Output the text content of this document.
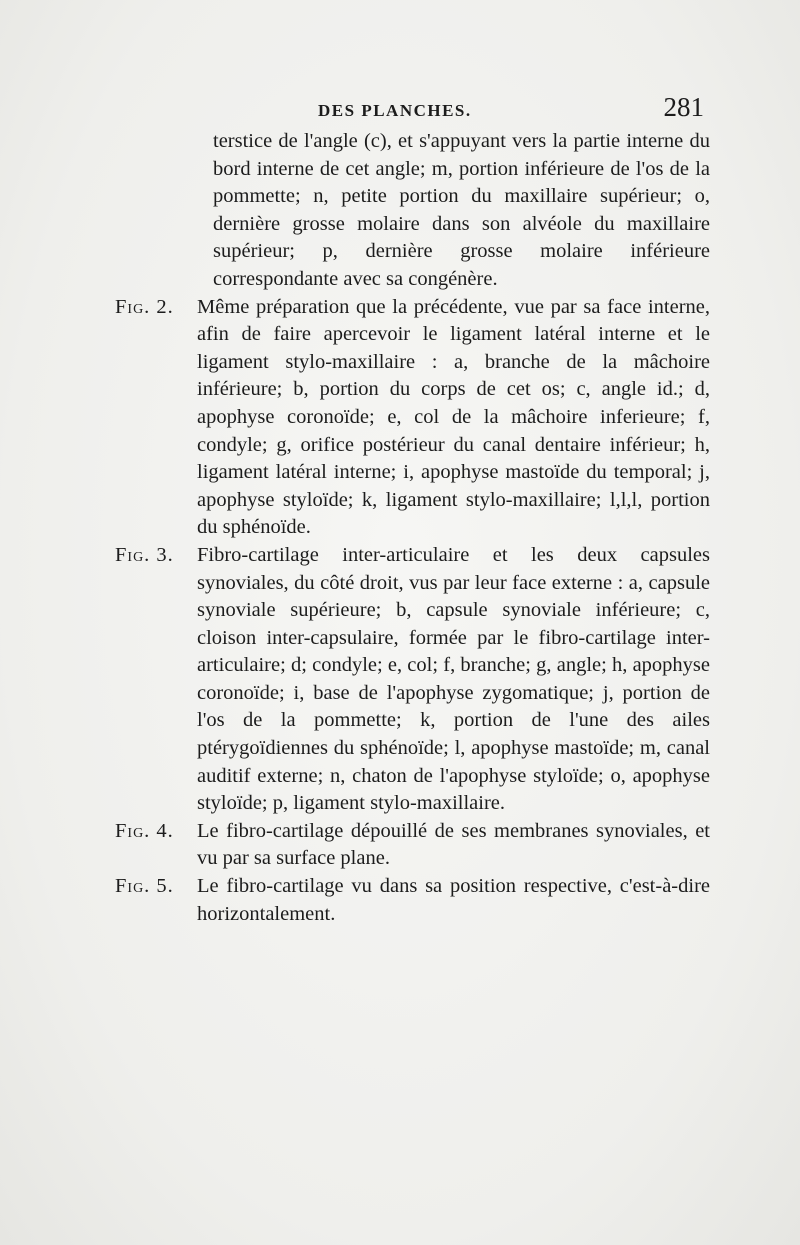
DES PLANCHES.	281

terstice de l'angle (c), et s'appuyant vers la partie interne du bord interne de cet angle; m, portion inférieure de l'os de la pommette; n, petite portion du maxillaire supérieur; o, dernière grosse molaire dans son alvéole du maxillaire supérieur; p, dernière grosse molaire inférieure correspondante avec sa congénère.

Fig. 2.	Même préparation que la précédente, vue par sa face interne, afin de faire apercevoir le ligament latéral interne et le ligament stylo-maxillaire : a, branche de la mâchoire inférieure; b, portion du corps de cet os; c, angle id.; d, apophyse coronoïde; e, col de la mâchoire inferieure; f, condyle; g, orifice postérieur du canal dentaire inférieur; h, ligament latéral interne; i, apophyse mastoïde du temporal; j, apophyse styloïde; k, ligament stylo-maxillaire; l,l,l, portion du sphénoïde.

Fig. 3.	Fibro-cartilage inter-articulaire et les deux capsules synoviales, du côté droit, vus par leur face externe : a, capsule synoviale supérieure; b, capsule synoviale inférieure; c, cloison inter-capsulaire, formée par le fibro-cartilage inter-articulaire; d; condyle; e, col; f, branche; g, angle; h, apophyse coronoïde; i, base de l'apophyse zygomatique; j, portion de l'os de la pommette; k, portion de l'une des ailes ptérygoïdiennes du sphénoïde; l, apophyse mastoïde; m, canal auditif externe; n, chaton de l'apophyse styloïde; o, apophyse styloïde; p, ligament stylo-maxillaire.

Fig. 4.	Le fibro-cartilage dépouillé de ses membranes synoviales, et vu par sa surface plane.

Fig. 5.	Le fibro-cartilage vu dans sa position respective, c'est-à-dire horizontalement.
